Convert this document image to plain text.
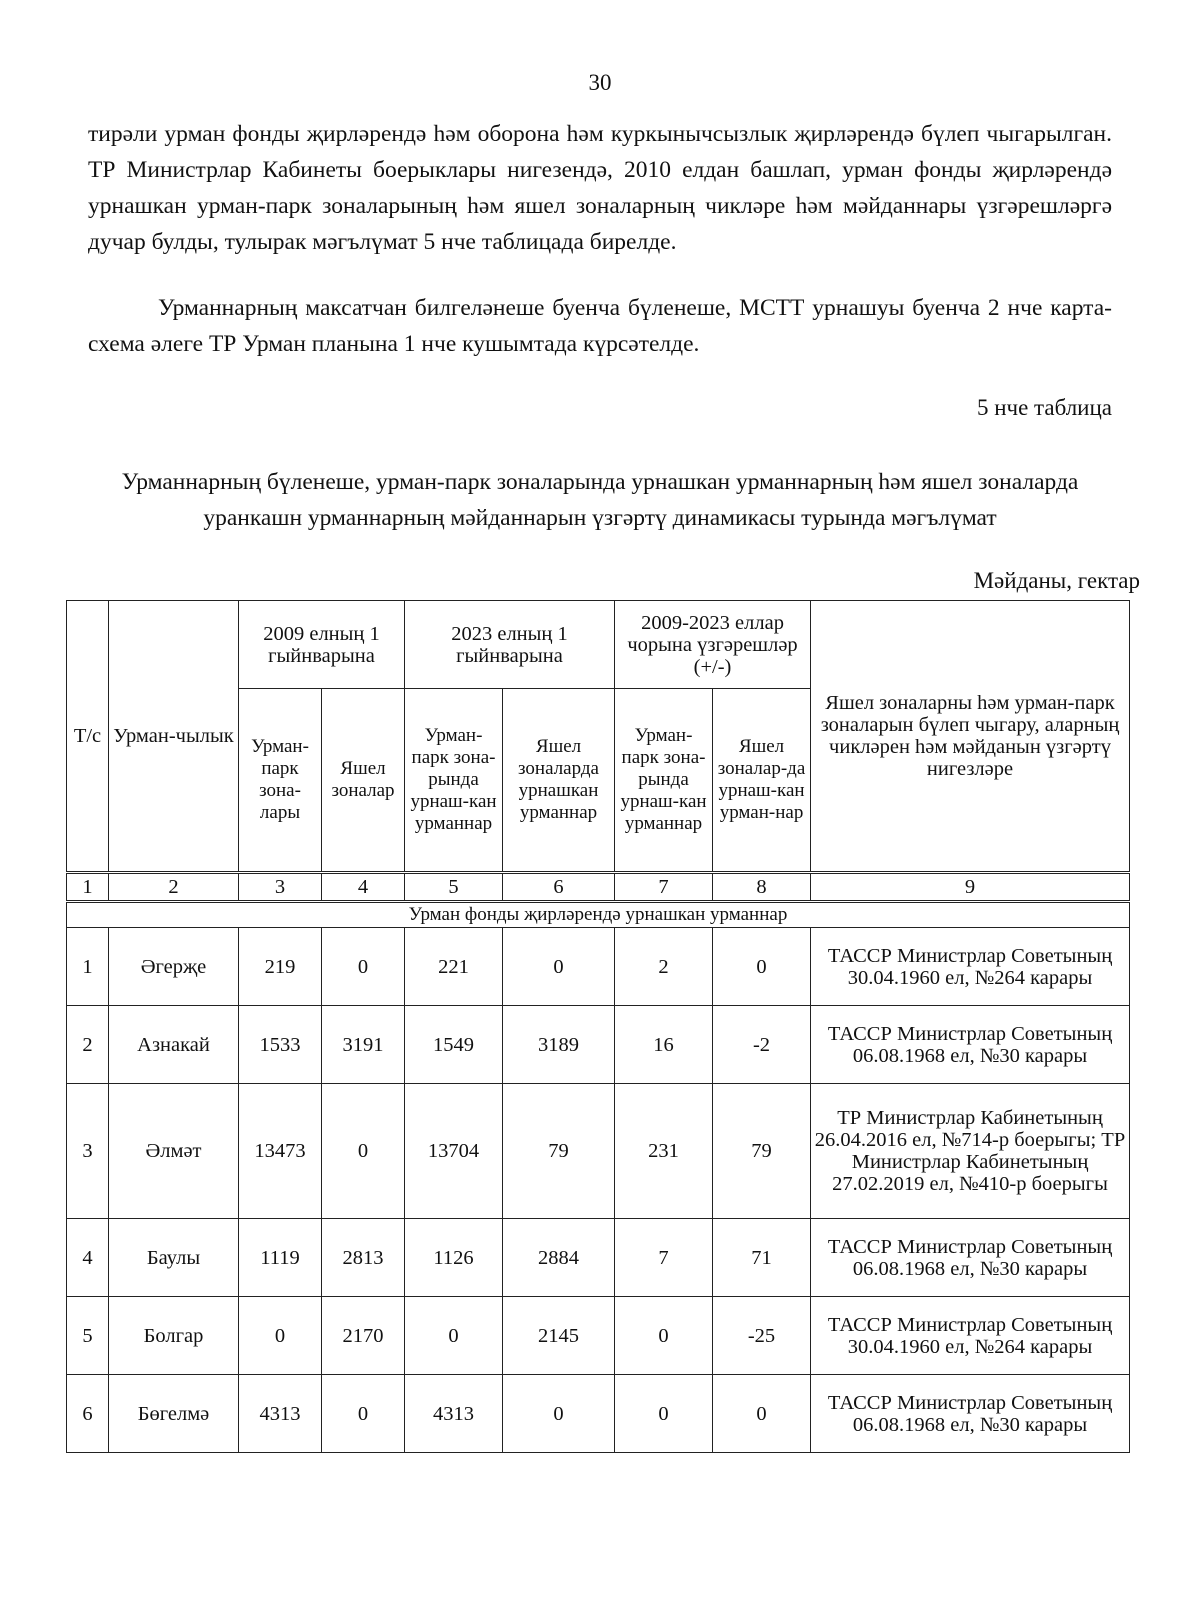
30

тирәли урман фонды җирләрендә һәм оборона һәм куркынычсызлык җирләрендә бүлеп чыгарылган. ТР Министрлар Кабинеты боерыклары нигезендә, 2010 елдан башлап, урман фонды җирләрендә урнашкан урман-парк зоналарының һәм яшел зоналарның чикләре һәм мәйданнары үзгәрешләргә дучар булды, тулырак мәгълүмат 5 нче таблицада бирелде.

Урманнарның максатчан билгеләнеше буенча бүленеше, МСТТ урнашуы буенча 2 нче карта-схема әлеге ТР Урман планына 1 нче кушымтада күрсәтелде.

5 нче таблица

Урманнарның бүленеше, урман-парк зоналарында урнашкан урманнарның һәм яшел зоналарда уранкашн урманнарның мәйданнарын үзгәртү динамикасы турында мәгълүмат

Мәйданы, гектар
Т/с	Урман-чылык	2009 елның 1 гыйнварына		2023 елның 1 гыйнварына		2009-2023 еллар чорына үзгәрешләр (+/-)		Яшел зоналарны һәм урман-парк зоналарын бүлеп чыгару, аларның чикләрен һәм мәйданын үзгәртү нигезләре
		Урман-парк зона-лары	Яшел зоналар	Урман-парк зона-рында урнаш-кан урманнар	Яшел зоналарда урнашкан урманнар	Урман-парк зона-рында урнаш-кан урманнар	Яшел зоналар-да урнаш-кан урман-нар	
1	2	3	4	5	6	7	8	9
Урман фонды җирләрендә урнашкан урманнар								
1	Әгерҗе	219	0	221	0	2	0	ТАССР Министрлар Советының 30.04.1960 ел, №264 карары
2	Азнакай	1533	3191	1549	3189	16	-2	ТАССР Министрлар Советының 06.08.1968 ел, №30 карары
3	Әлмәт	13473	0	13704	79	231	79	ТР Министрлар Кабинетының 26.04.2016 ел, №714-р боерыгы; ТР Министрлар Кабинетының 27.02.2019 ел, №410-р боерыгы
4	Баулы	1119	2813	1126	2884	7	71	ТАССР Министрлар Советының 06.08.1968 ел, №30 карары
5	Болгар	0	2170	0	2145	0	-25	ТАССР Министрлар Советының 30.04.1960 ел, №264 карары
6	Бөгелмә	4313	0	4313	0	0	0	ТАССР Министрлар Советының 06.08.1968 ел, №30 карары
